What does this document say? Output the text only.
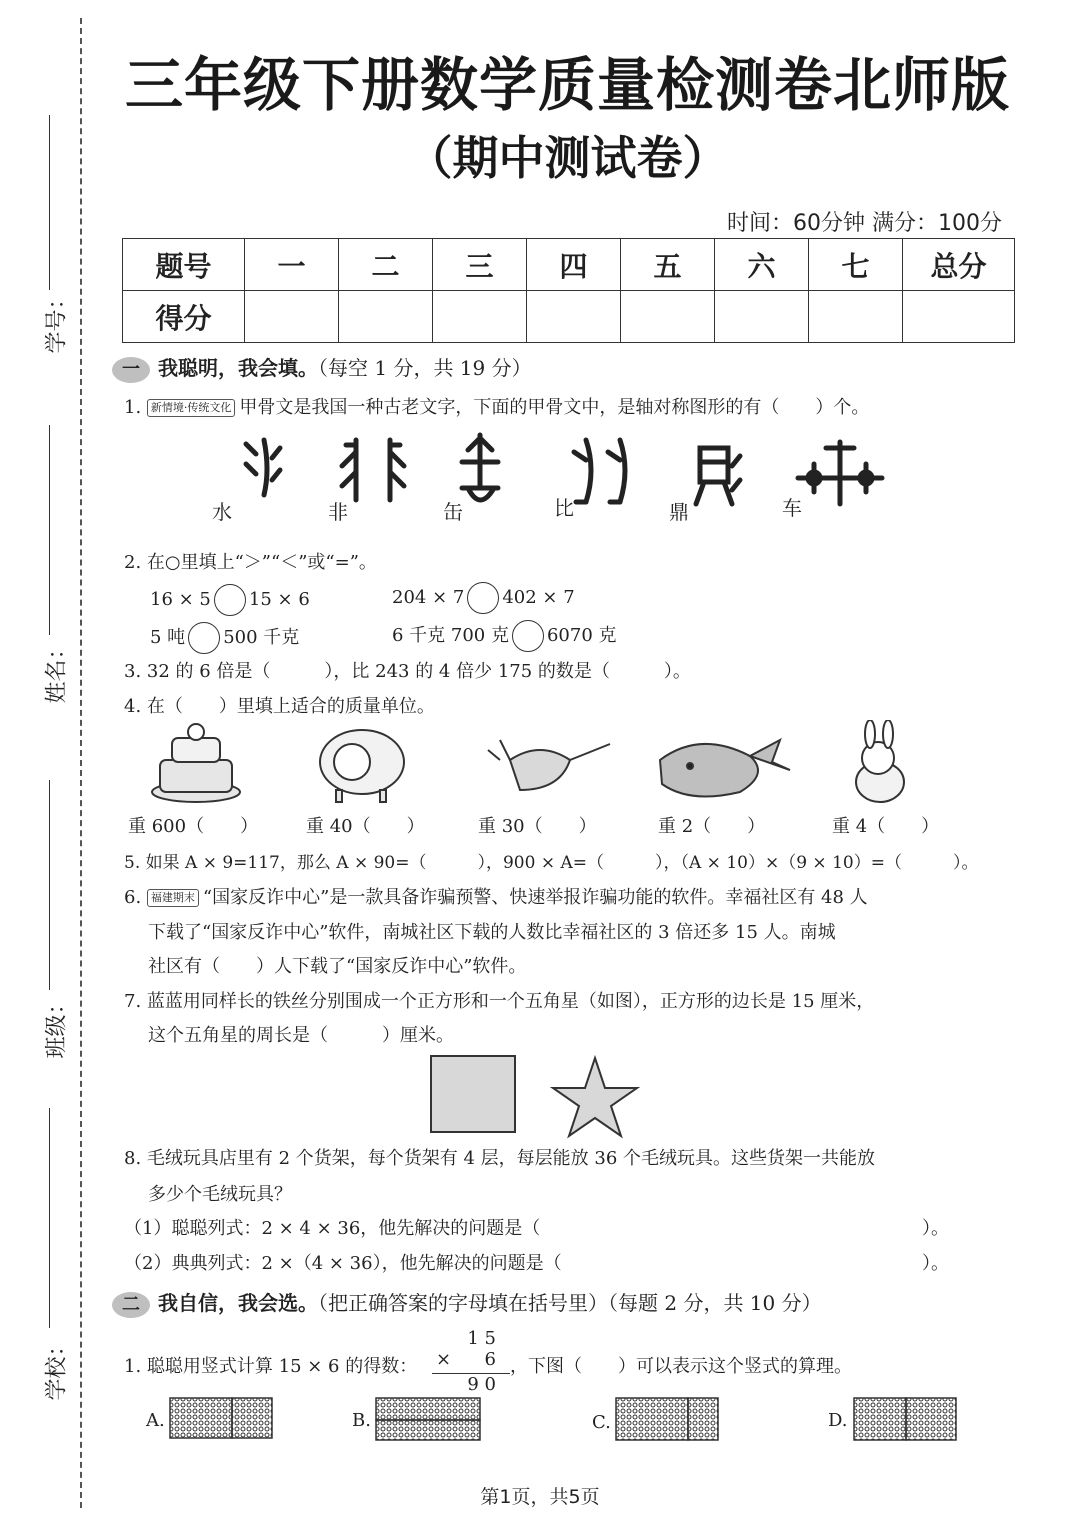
学号：
姓名：
班级：
学校：
三年级下册数学质量检测卷北师版
（期中测试卷）
时间：60分钟 满分：100分
题号	一	二	三	四	五	六	七	总分
得分								
一 我聪明，我会填。（每空 1 分，共 19 分）
1. 新情境·传统文化 甲骨文是我国一种古老文字，下面的甲骨文中，是轴对称图形的有（　　）个。
水	非	缶	比	鼎	车
2. 在○里填上“＞”“＜”或“=”。
16 × 5 15 × 6	204 × 7 402 × 7
5 吨 500 千克	6 千克 700 克 6070 克
3. 32 的 6 倍是（　　　），比 243 的 4 倍少 175 的数是（　　　）。
4. 在（　　）里填上适合的质量单位。
重 600（　　）	重 40（　　）	重 30（　　）	重 2（　　）	重 4（　　）
5. 如果 A × 9=117，那么 A × 90=（　　　），900 × A=（　　　），（A × 10）×（9 × 10）=（　　　）。
6. 福建期末 “国家反诈中心”是一款具备诈骗预警、快速举报诈骗功能的软件。幸福社区有 48 人
下载了“国家反诈中心”软件，南城社区下载的人数比幸福社区的 3 倍还多 15 人。南城
社区有（　　）人下载了“国家反诈中心”软件。
7. 蓝蓝用同样长的铁丝分别围成一个正方形和一个五角星（如图），正方形的边长是 15 厘米，
这个五角星的周长是（　　　）厘米。
8. 毛绒玩具店里有 2 个货架，每个货架有 4 层，每层能放 36 个毛绒玩具。这些货架一共能放
多少个毛绒玩具？
（1）聪聪列式：2 × 4 × 36，他先解决的问题是（	）。
（2）典典列式：2 ×（4 × 36），他先解决的问题是（	）。
二 我自信，我会选。（把正确答案的字母填在括号里）（每题 2 分，共 10 分）
1. 聪聪用竖式计算 15 × 6 的得数：
1 5
× 6
9 0
，下图（　　）可以表示这个竖式的算理。
A.	B.	C.	D.
第1页，共5页
